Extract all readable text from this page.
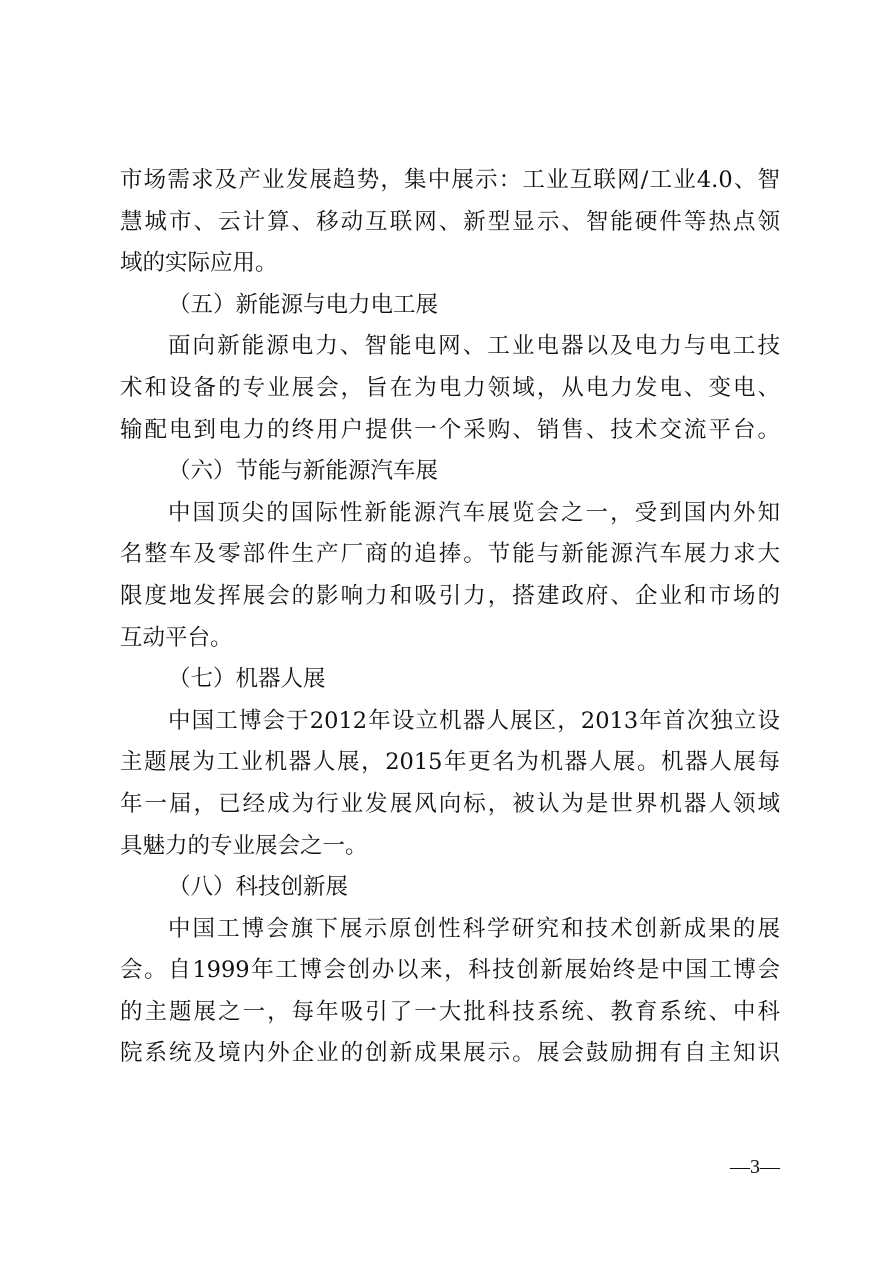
市场需求及产业发展趋势，集中展示：工业互联网/工业4.0、智
慧城市、云计算、移动互联网、新型显示、智能硬件等热点领
域的实际应用。
（五）新能源与电力电工展
面向新能源电力、智能电网、工业电器以及电力与电工技
术和设备的专业展会，旨在为电力领域，从电力发电、变电、
输配电到电力的终用户提供一个采购、销售、技术交流平台。
（六）节能与新能源汽车展
中国顶尖的国际性新能源汽车展览会之一，受到国内外知
名整车及零部件生产厂商的追捧。节能与新能源汽车展力求大
限度地发挥展会的影响力和吸引力，搭建政府、企业和市场的
互动平台。
（七）机器人展
中国工博会于2012年设立机器人展区，2013年首次独立设
主题展为工业机器人展，2015年更名为机器人展。机器人展每
年一届，已经成为行业发展风向标，被认为是世界机器人领域
具魅力的专业展会之一。
（八）科技创新展
中国工博会旗下展示原创性科学研究和技术创新成果的展
会。自1999年工博会创办以来，科技创新展始终是中国工博会
的主题展之一，每年吸引了一大批科技系统、教育系统、中科
院系统及境内外企业的创新成果展示。展会鼓励拥有自主知识
—3—
